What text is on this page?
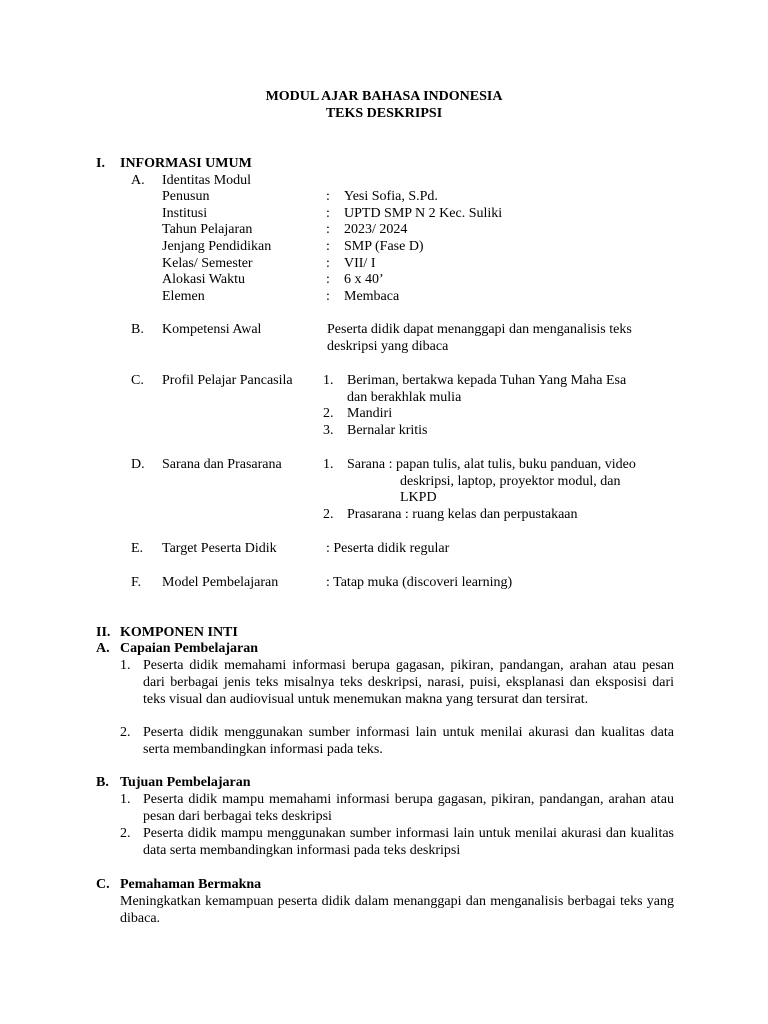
MODUL AJAR BAHASA INDONESIA
TEKS DESKRIPSI
I. INFORMASI UMUM
A. Identitas Modul
Penusun	: Yesi Sofia, S.Pd.
Institusi	: UPTD SMP N 2 Kec. Suliki
Tahun Pelajaran	: 2023/ 2024
Jenjang Pendidikan	: SMP (Fase D)
Kelas/ Semester	: VII/ I
Alokasi Waktu	: 6 x 40’
Elemen	: Membaca
B. Kompetensi Awal	Peserta didik dapat menanggapi dan menganalisis teks
deskripsi yang dibaca
C. Profil Pelajar Pancasila 1. Beriman, bertakwa kepada Tuhan Yang Maha Esa
dan berakhlak mulia
2. Mandiri
3. Bernalar kritis
D. Sarana dan Prasarana	1. Sarana : papan tulis, alat tulis, buku panduan, video
deskripsi, laptop, proyektor modul, dan
LKPD
2. Prasarana : ruang kelas dan perpustakaan
E. Target Peserta Didik	: Peserta didik regular
F. Model Pembelajaran	: Tatap muka (discoveri learning)
II. KOMPONEN INTI
A. Capaian Pembelajaran
1. Peserta didik memahami informasi berupa gagasan, pikiran, pandangan, arahan atau pesan dari berbagai jenis teks misalnya teks deskripsi, narasi, puisi, eksplanasi dan eksposisi dari teks visual dan audiovisual untuk menemukan makna yang tersurat dan tersirat.
2. Peserta didik menggunakan sumber informasi lain untuk menilai akurasi dan kualitas data serta membandingkan informasi pada teks.
B. Tujuan Pembelajaran
1. Peserta didik mampu memahami informasi berupa gagasan, pikiran, pandangan, arahan atau pesan dari berbagai teks deskripsi
2. Peserta didik mampu menggunakan sumber informasi lain untuk menilai akurasi dan kualitas data serta membandingkan informasi pada teks deskripsi
C. Pemahaman Bermakna
Meningkatkan kemampuan peserta didik dalam menanggapi dan menganalisis berbagai teks yang dibaca.
